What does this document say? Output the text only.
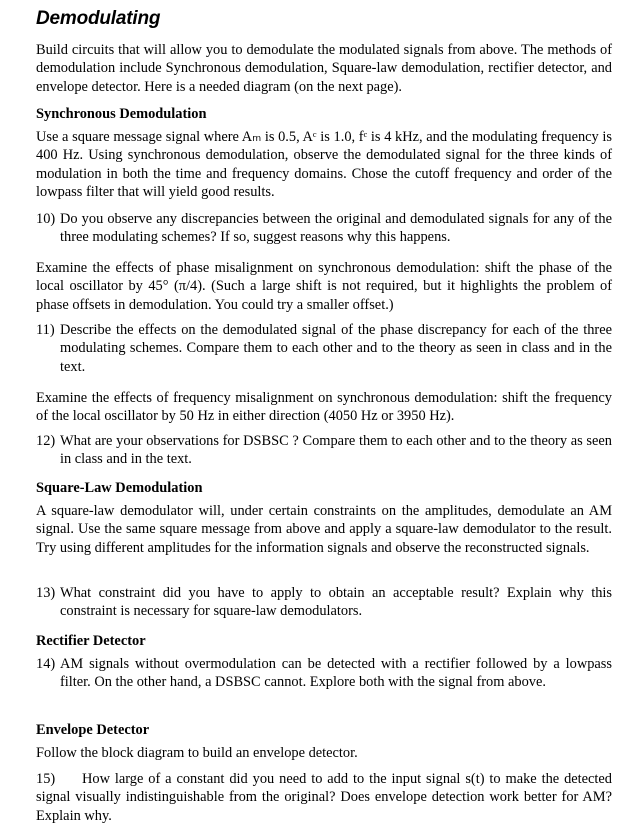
Demodulating

Build circuits that will allow you to demodulate the modulated signals from above. The methods of demodulation include Synchronous demodulation, Square-law demodulation, rectifier detector, and envelope detector. Here is a needed diagram (on the next page).

Synchronous Demodulation

Use a square message signal where Aₘ is 0.5, Aᶜ is 1.0, fᶜ is 4 kHz, and the modulating frequency is 400 Hz. Using synchronous demodulation, observe the demodulated signal for the three kinds of modulation in both the time and frequency domains. Chose the cutoff frequency and order of the lowpass filter that will yield good results.

10) Do you observe any discrepancies between the original and demodulated signals for any of the three modulating schemes? If so, suggest reasons why this happens.

Examine the effects of phase misalignment on synchronous demodulation: shift the phase of the local oscillator by 45° (π/4). (Such a large shift is not required, but it highlights the problem of phase offsets in demodulation. You could try a smaller offset.)

11) Describe the effects on the demodulated signal of the phase discrepancy for each of the three modulating schemes. Compare them to each other and to the theory as seen in class and in the text.

Examine the effects of frequency misalignment on synchronous demodulation: shift the frequency of the local oscillator by 50 Hz in either direction (4050 Hz or 3950 Hz).

12) What are your observations for DSBSC ? Compare them to each other and to the theory as seen in class and in the text.

Square-Law Demodulation

A square-law demodulator will, under certain constraints on the amplitudes, demodulate an AM signal. Use the same square message from above and apply a square-law demodulator to the result. Try using different amplitudes for the information signals and observe the reconstructed signals.

13) What constraint did you have to apply to obtain an acceptable result? Explain why this constraint is necessary for square-law demodulators.

Rectifier Detector

14) AM signals without overmodulation can be detected with a rectifier followed by a lowpass filter. On the other hand, a DSBSC cannot. Explore both with the signal from above.

Envelope Detector

Follow the block diagram to build an envelope detector.

15) How large of a constant did you need to add to the input signal s(t) to make the detected signal visually indistinguishable from the original? Does envelope detection work better for AM? Explain why.
